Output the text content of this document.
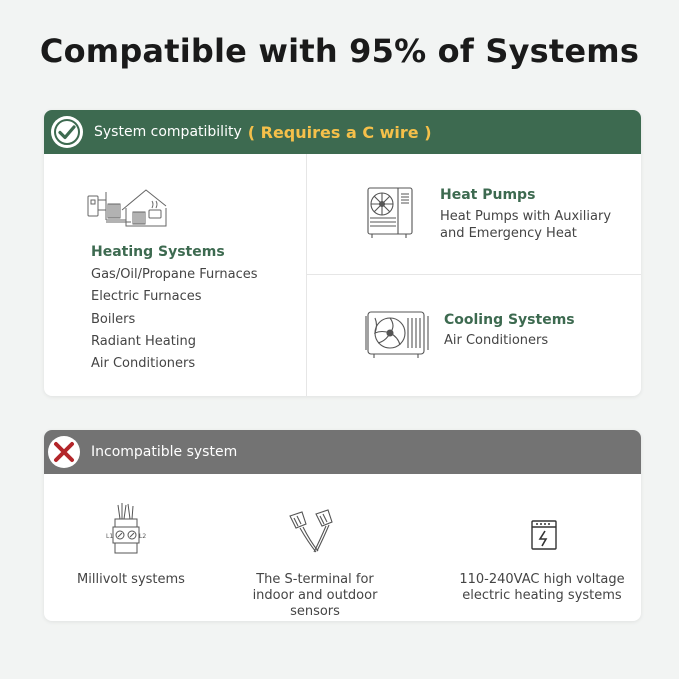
Compatible with 95% of Systems
System compatibility ( Requires a C wire )
Heating Systems
Gas/Oil/Propane Furnaces
Electric Furnaces
Boilers
Radiant Heating
Air Conditioners
Heat Pumps
Heat Pumps with Auxiliary and Emergency Heat
Cooling Systems
Air Conditioners
Incompatible system
L1	L2
Millivolt systems	The S-terminal for indoor and outdoor sensors
110-240VAC high voltage electric heating systems
